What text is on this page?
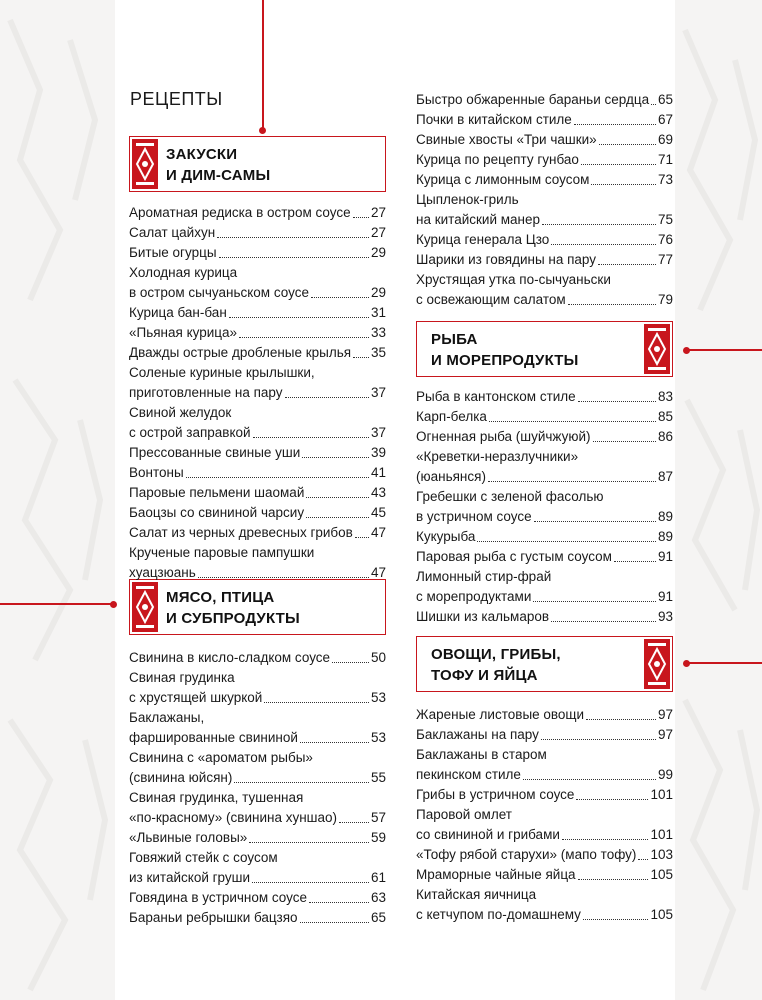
РЕЦЕПТЫ
ЗАКУСКИ
И ДИМ-САМЫ
МЯСО, ПТИЦА
И СУБПРОДУКТЫ
РЫБА
И МОРЕПРОДУКТЫ
ОВОЩИ, ГРИБЫ,
ТОФУ И ЯЙЦА
Ароматная редиска в остром соусе 27
Салат цайхун	27
Битые огурцы	29
Холодная курица
в остром сычуаньском соусе	29
Курица бан-бан	31
«Пьяная курица»	33
Дважды острые дробленые крылья 35
Соленые куриные крылышки,
приготовленные на пару	37
Свиной желудок
с острой заправкой	37
Прессованные свиные уши	39
Вонтоны	41
Паровые пельмени шаомай	43
Баоцзы со свининой чарсиу	45
Салат из черных древесных грибов 47
Крученые паровые пампушки
хуацзюань	47
Свинина в кисло-сладком соусе	50
Свиная грудинка
с хрустящей шкуркой	53
Баклажаны,
фаршированные свининой	53
Свинина с «ароматом рыбы»
(свинина юйсян)	55
Свиная грудинка, тушенная
«по-красному» (свинина хуншао)	57
«Львиные головы»	59
Говяжий стейк с соусом
из китайской груши	61
Говядина в устричном соусе	63
Бараньи ребрышки бацзяо	65
Быстро обжаренные бараньи сердца 65
Почки в китайском стиле	67
Свиные хвосты «Три чашки»	69
Курица по рецепту гунбао	71
Курица с лимонным соусом	73
Цыпленок-гриль
на китайский манер	75
Курица генерала Цзо	76
Шарики из говядины на пару	77
Хрустящая утка по-сычуаньски
с освежающим салатом	79
Рыба в кантонском стиле	83
Карп-белка	85
Огненная рыба (шуйчжуюй)	86
«Креветки-неразлучники»
(юаньянся)	87
Гребешки с зеленой фасолью
в устричном соусе	89
Кукурыба	89
Паровая рыба с густым соусом	91
Лимонный стир-фрай
с морепродуктами	91
Шишки из кальмаров	93
Жареные листовые овощи	97
Баклажаны на пару	97
Баклажаны в старом
пекинском стиле	99
Грибы в устричном соусе	101
Паровой омлет
со свининой и грибами	101
«Тофу рябой старухи» (мапо тофу) 103
Мраморные чайные яйца	105
Китайская яичница
с кетчупом по-домашнему	105
